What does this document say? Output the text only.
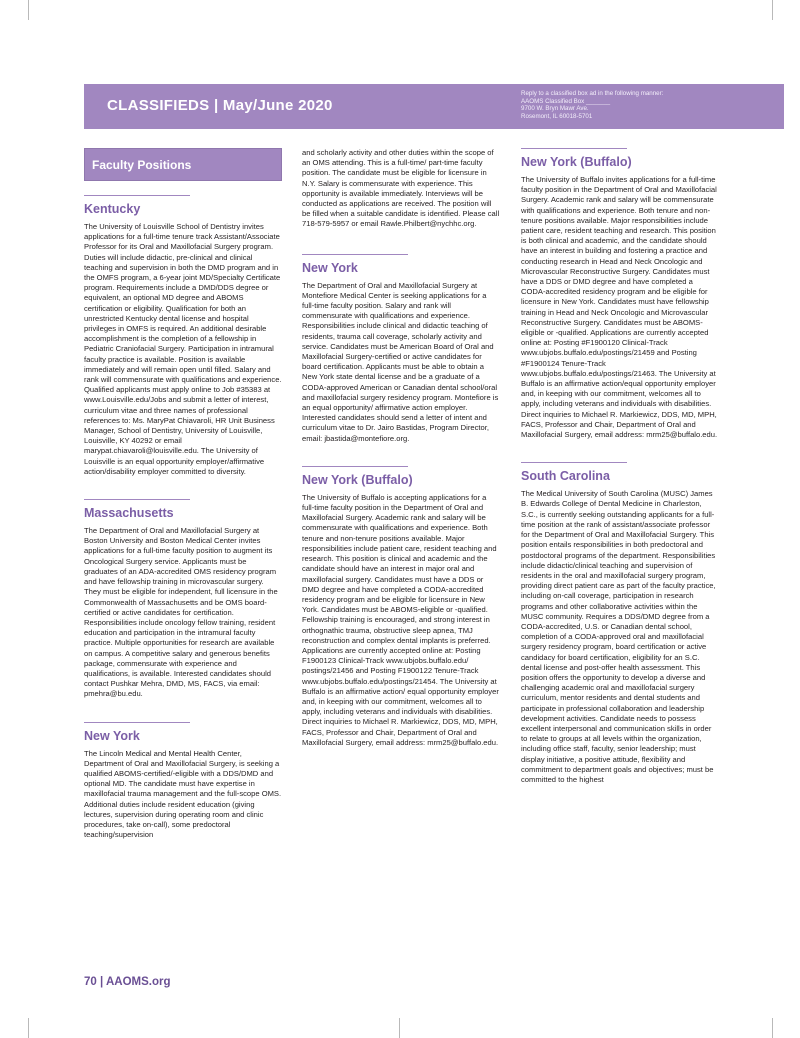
CLASSIFIEDS | May/June 2020
Reply to a classified box ad in the following manner:
AAOMS Classified Box _______
9700 W. Bryn Mawr Ave.
Rosemont, IL 60018-5701
Faculty Positions
Kentucky
The University of Louisville School of Dentistry invites applications for a full-time tenure track Assistant/Associate Professor for its Oral and Maxillofacial Surgery program. Duties will include didactic, pre-clinical and clinical teaching and supervision in both the DMD program and in the OMFS program, a 6-year joint MD/Specialty Certificate program. Requirements include a DMD/DDS degree or equivalent, an optional MD degree and ABOMS certification or eligibility. Qualification for both an unrestricted Kentucky dental license and hospital privileges in OMFS is required. An additional desirable accomplishment is the completion of a fellowship in Pediatric Craniofacial Surgery. Participation in intramural faculty practice is available. Position is available immediately and will remain open until filled. Salary and rank will commensurate with qualifications and experience. Qualified applicants must apply online to Job #35383 at www.Louisville.edu/Jobs and submit a letter of interest, curriculum vitae and three names of professional references to: Ms. MaryPat Chiavaroli, HR Unit Business Manager, School of Dentistry, University of Louisville, Louisville, KY 40292 or email marypat.chiavaroli@louisville.edu. The University of Louisville is an equal opportunity employer/affirmative action/disability employer committed to diversity.
Massachusetts
The Department of Oral and Maxillofacial Surgery at Boston University and Boston Medical Center invites applications for a full-time faculty position to augment its Oncological Surgery service. Applicants must be graduates of an ADA-accredited OMS residency program and have fellowship training in microvascular surgery. They must be eligible for independent, full licensure in the Commonwealth of Massachusetts and be OMS board-certified or active candidates for certification. Responsibilities include oncology fellow training, resident education and participation in the intramural faculty practice. Multiple opportunities for research are available on campus. A competitive salary and generous benefits package, commensurate with experience and qualifications, is available. Interested candidates should contact Pushkar Mehra, DMD, MS, FACS, via email: pmehra@bu.edu.
New York
The Lincoln Medical and Mental Health Center, Department of Oral and Maxillofacial Surgery, is seeking a qualified ABOMS-certified/-eligible with a DDS/DMD and optional MD. The candidate must have expertise in maxillofacial trauma management and the full-scope OMS. Additional duties include resident education (giving lectures, supervision during operating room and clinic procedures, take on-call), some predoctoral teaching/supervision
and scholarly activity and other duties within the scope of an OMS attending. This is a full-time/ part-time faculty position. The candidate must be eligible for licensure in N.Y. Salary is commensurate with experience. This opportunity is available immediately. Interviews will be conducted as applications are received. The position will be filled when a suitable candidate is identified. Please call 718-579-5957 or email Rawle.Philbert@nychhc.org.
New York
The Department of Oral and Maxillofacial Surgery at Montefiore Medical Center is seeking applications for a full-time faculty position. Salary and rank will commensurate with qualifications and experience. Responsibilities include clinical and didactic teaching of residents, trauma call coverage, scholarly activity and service. Candidates must be American Board of Oral and Maxillofacial Surgery-certified or active candidates for board certification. Applicants must be able to obtain a New York state dental license and be a graduate of a CODA-approved American or Canadian dental school/oral and maxillofacial surgery residency program. Montefiore is an equal opportunity/ affirmative action employer. Interested candidates should send a letter of intent and curriculum vitae to Dr. Jairo Bastidas, Program Director, email: jbastida@montefiore.org.
New York (Buffalo)
The University of Buffalo is accepting applications for a full-time faculty position in the Department of Oral and Maxillofacial Surgery. Academic rank and salary will be commensurate with qualifications and experience. Both tenure and non-tenure positions available. Major responsibilities include patient care, resident teaching and research. This position is clinical and academic and the candidate should have an interest in major oral and maxillofacial surgery. Candidates must have a DDS or DMD degree and have completed a CODA-accredited residency program and be eligible for licensure in New York. Candidates must be ABOMS-eligible or -qualified. Fellowship training is encouraged, and strong interest in orthognathic trauma, obstructive sleep apnea, TMJ reconstruction and complex dental implants is preferred. Applications are currently accepted online at: Posting F1900123 Clinical-Track www.ubjobs.buffalo.edu/ postings/21456 and Posting F1900122 Tenure-Track www.ubjobs.buffalo.edu/postings/21454. The University at Buffalo is an affirmative action/ equal opportunity employer and, in keeping with our commitment, welcomes all to apply, including veterans and individuals with disabilities. Direct inquiries to Michael R. Markiewicz, DDS, MD, MPH, FACS, Professor and Chair, Department of Oral and Maxillofacial Surgery, email address: mrm25@buffalo.edu.
New York (Buffalo)
The University of Buffalo invites applications for a full-time faculty position in the Department of Oral and Maxillofacial Surgery. Academic rank and salary will be commensurate with qualifications and experience. Both tenure and non-tenure positions available. Major responsibilities include patient care, resident teaching and research. This position is both clinical and academic, and the candidate should have an interest in building and fostering a practice and conducting research in Head and Neck Oncologic and Microvascular Reconstructive Surgery. Candidates must have a DDS or DMD degree and have completed a CODA-accredited residency program and be eligible for licensure in New York. Candidates must have fellowship training in Head and Neck Oncologic and Microvascular Reconstructive Surgery. Candidates must be ABOMS-eligible or -qualified. Applications are currently accepted online at: Posting #F1900120 Clinical-Track www.ubjobs.buffalo.edu/postings/21459 and Posting #F1900124 Tenure-Track www.ubjobs.buffalo.edu/postings/21463. The University at Buffalo is an affirmative action/equal opportunity employer and, in keeping with our commitment, welcomes all to apply, including veterans and individuals with disabilities. Direct inquiries to Michael R. Markiewicz, DDS, MD, MPH, FACS, Professor and Chair, Department of Oral and Maxillofacial Surgery, email address: mrm25@buffalo.edu.
South Carolina
The Medical University of South Carolina (MUSC) James B. Edwards College of Dental Medicine in Charleston, S.C., is currently seeking outstanding applicants for a full-time position at the rank of assistant/associate professor for the Department of Oral and Maxillofacial Surgery. This position entails responsibilities in both predoctoral and postdoctoral programs of the department. Responsibilities include didactic/clinical teaching and supervision of residents in the oral and maxillofacial surgery program, providing direct patient care as part of the faculty practice, including on-call coverage, participation in research programs and other collaborative activities within the MUSC community. Requires a DDS/DMD degree from a CODA-accredited, U.S. or Canadian dental school, completion of a CODA-approved oral and maxillofacial surgery residency program, board certification or active candidacy for board certification, eligibility for an S.C. dental license and post-offer health assessment. This position offers the opportunity to develop a diverse and challenging academic oral and maxillofacial surgery curriculum, mentor residents and dental students and participate in professional collaboration and leadership development activities. Candidate needs to possess excellent interpersonal and communication skills in order to relate to groups at all levels within the organization, including office staff, faculty, senior leadership; must display initiative, a positive attitude, flexibility and commitment to department goals and objectives; must be committed to the highest
70 | AAOMS.org
